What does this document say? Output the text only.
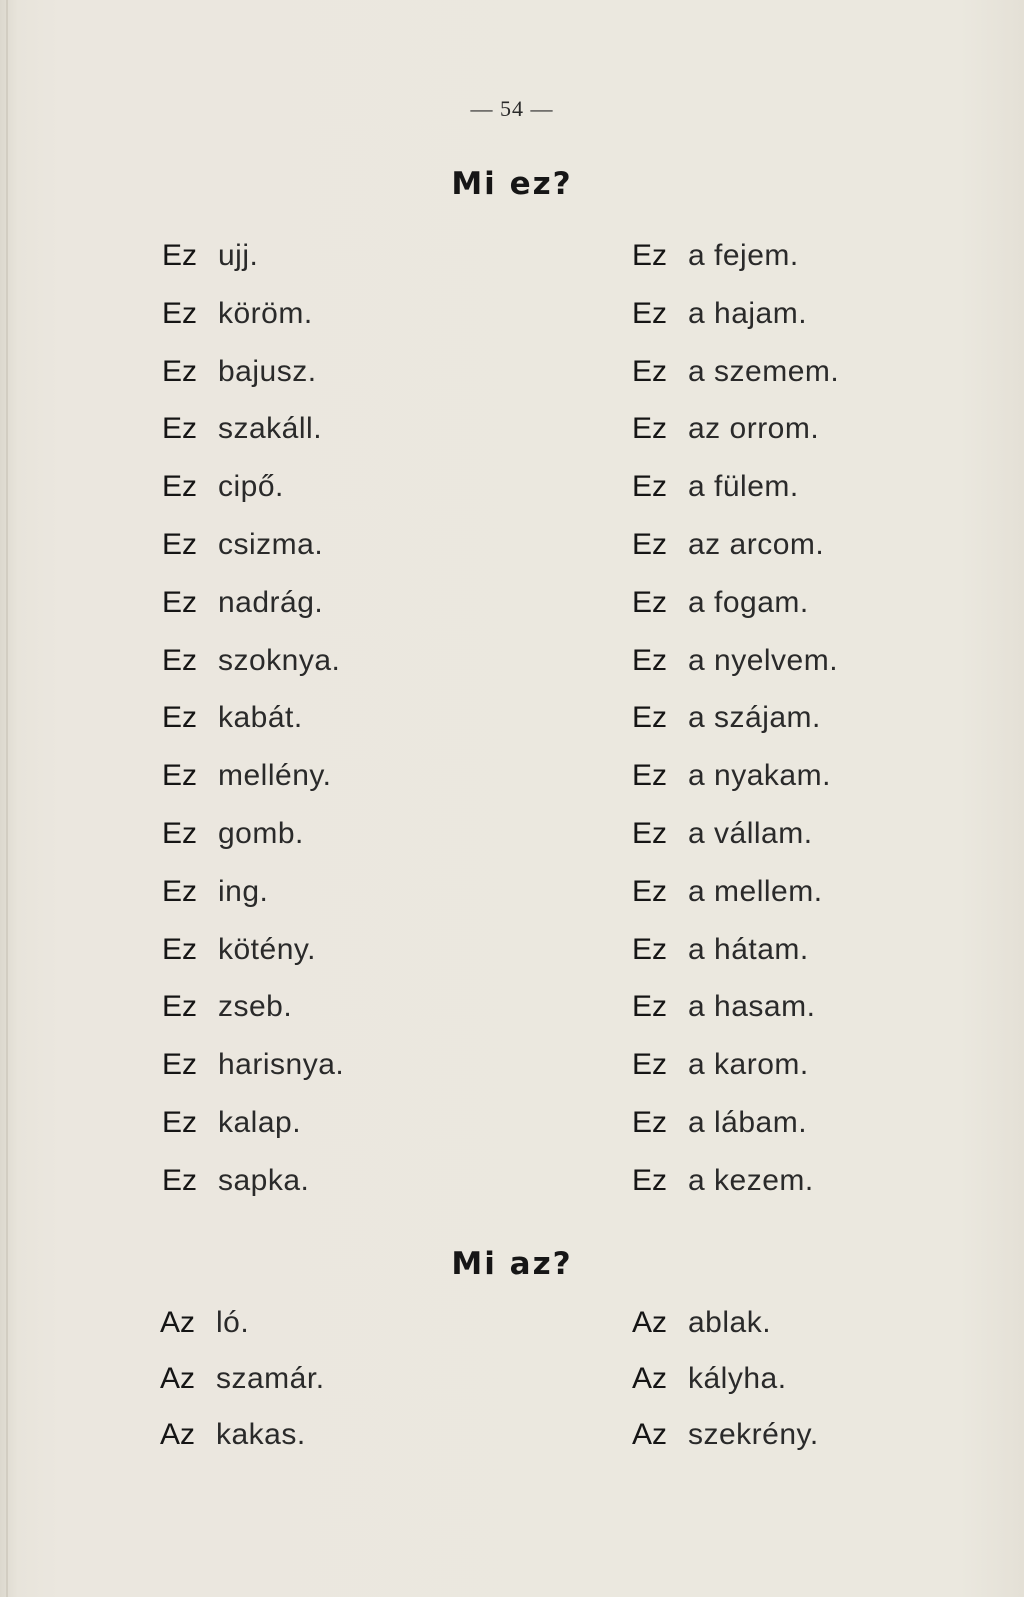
— 54 —
Mi ez?
Ez ujj.
Ez köröm.
Ez bajusz.
Ez szakáll.
Ez cipő.
Ez csizma.
Ez nadrág.
Ez szoknya.
Ez kabát.
Ez mellény.
Ez gomb.
Ez ing.
Ez kötény.
Ez zseb.
Ez harisnya.
Ez kalap.
Ez sapka.
Ez a fejem.
Ez a hajam.
Ez a szemem.
Ez az orrom.
Ez a fülem.
Ez az arcom.
Ez a fogam.
Ez a nyelvem.
Ez a szájam.
Ez a nyakam.
Ez a vállam.
Ez a mellem.
Ez a hátam.
Ez a hasam.
Ez a karom.
Ez a lábam.
Ez a kezem.
Mi az?
Az ló.
Az szamár.
Az kakas.
Az ablak.
Az kályha.
Az szekrény.
